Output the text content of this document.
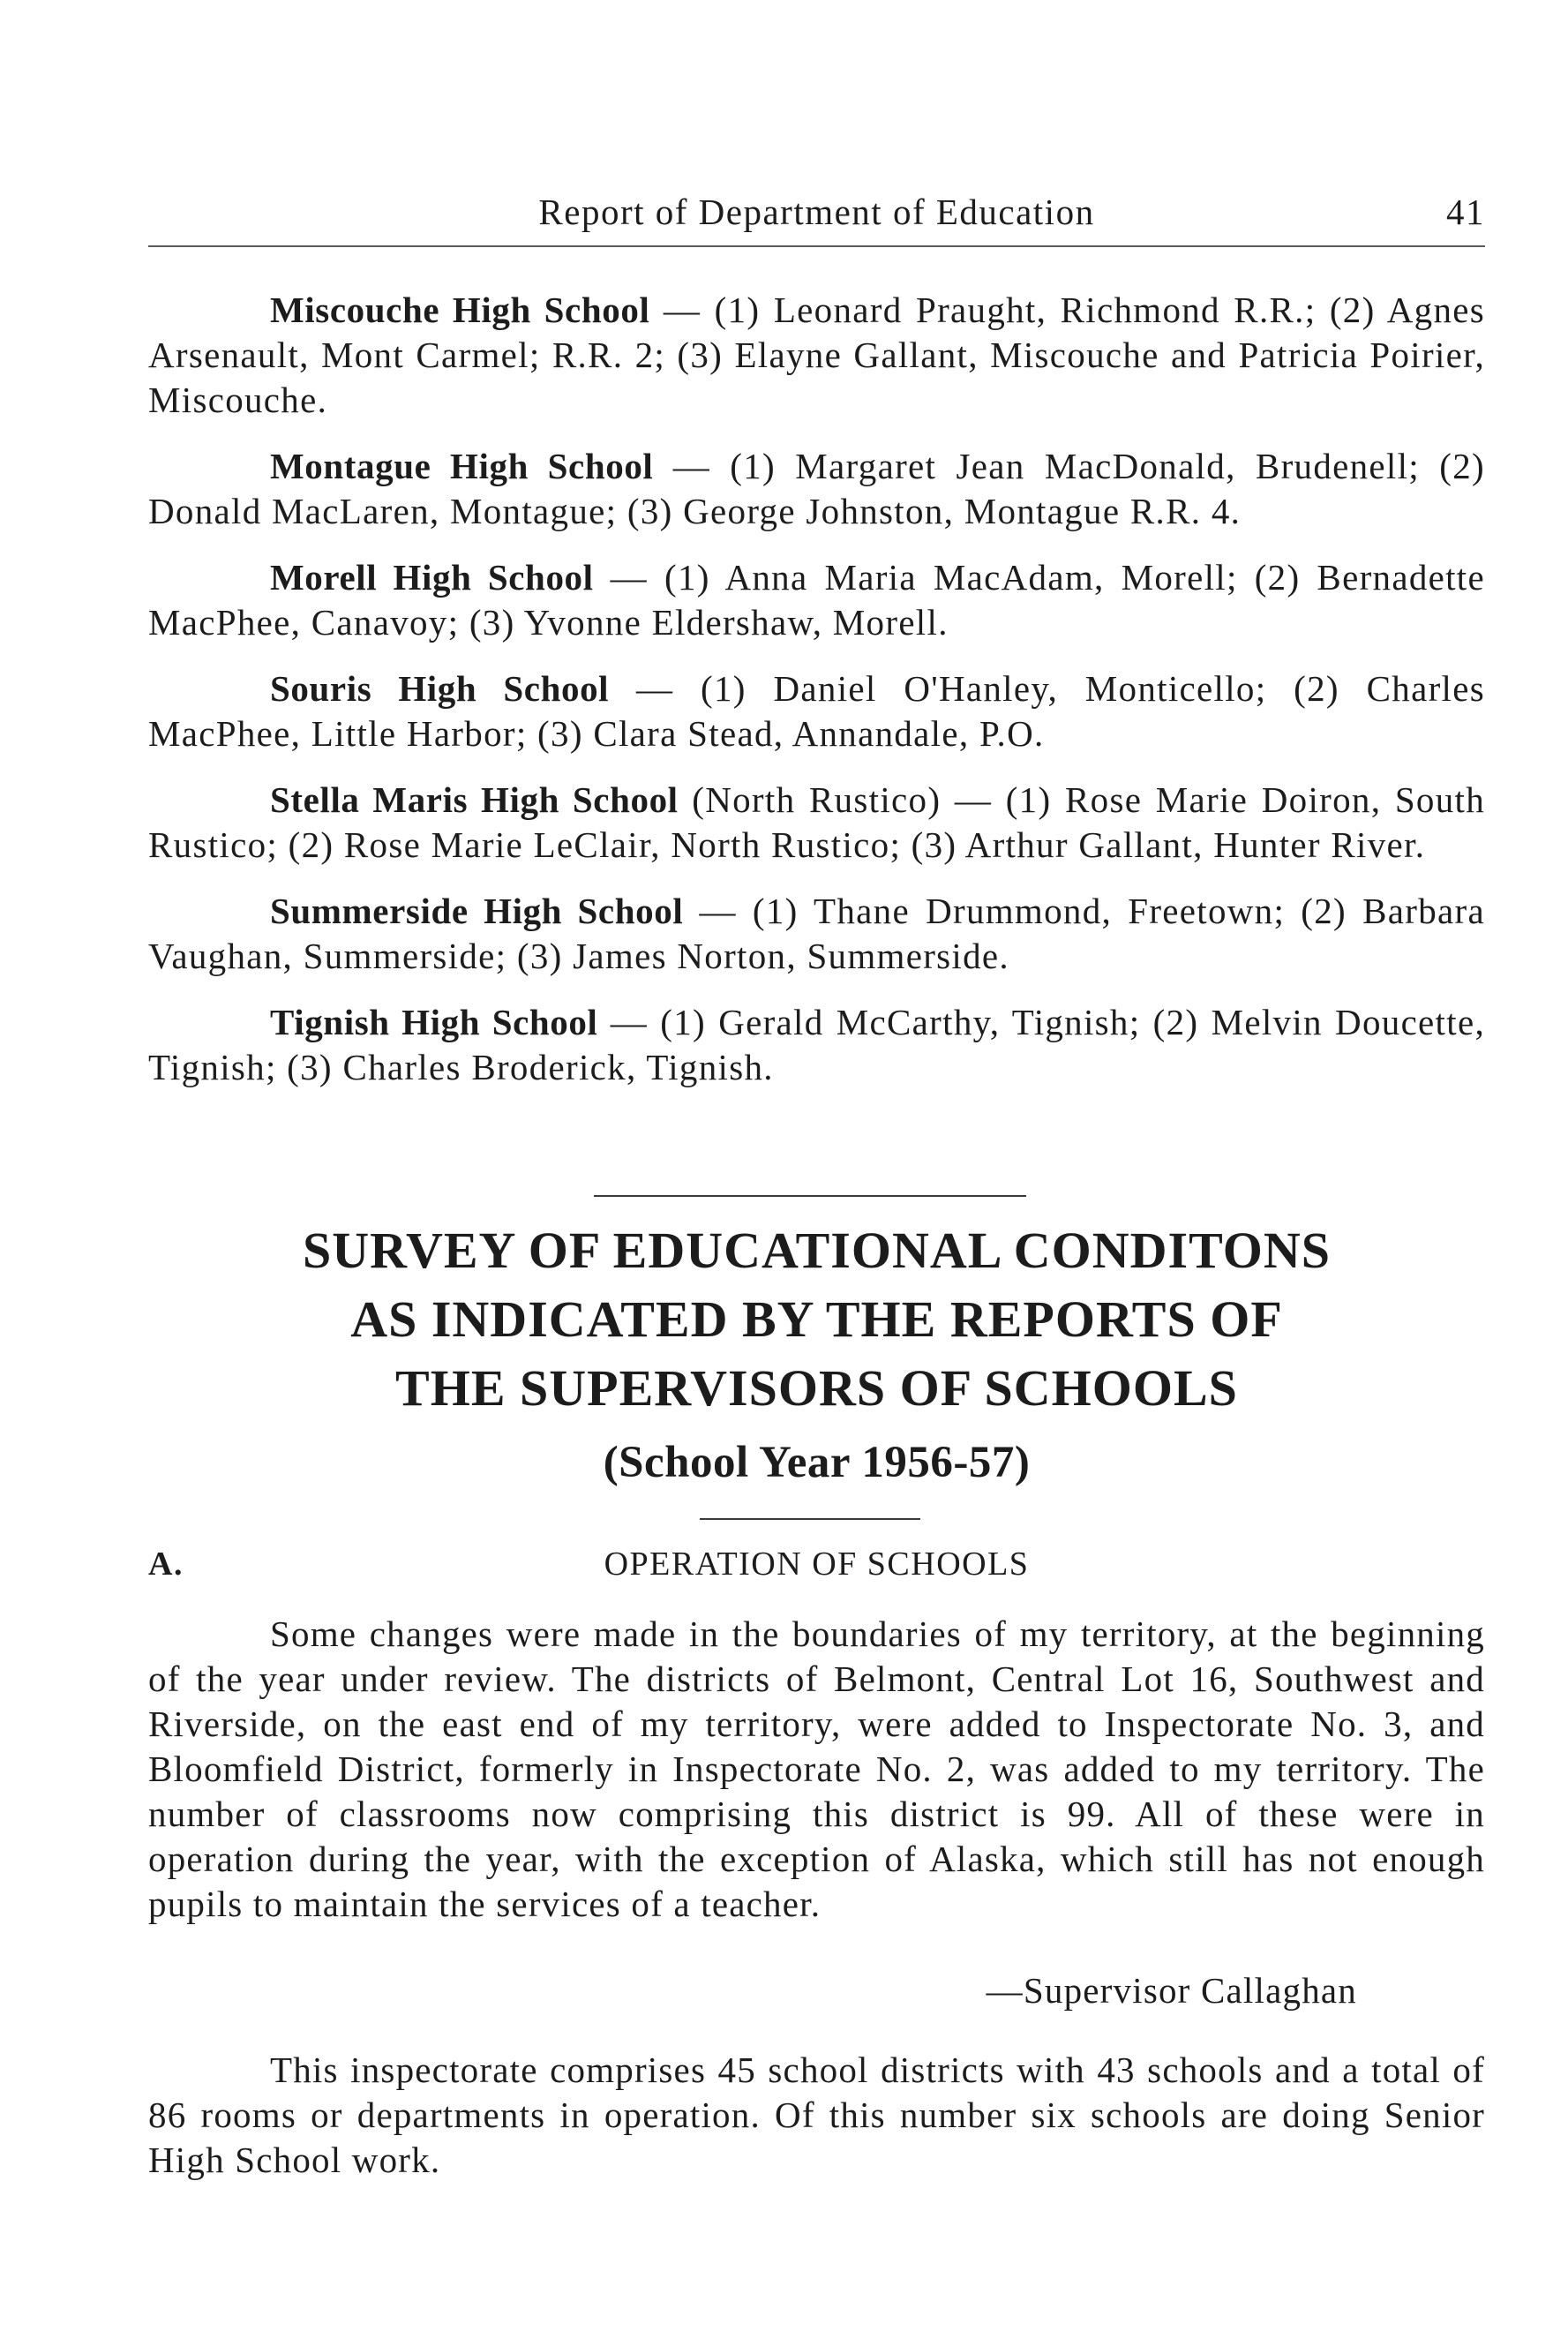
Report of Department of Education	41

Miscouche High School — (1) Leonard Praught, Richmond R.R.; (2) Agnes Arsenault, Mont Carmel; R.R. 2; (3) Elayne Gallant, Miscouche and Patricia Poirier, Miscouche.

Montague High School — (1) Margaret Jean MacDonald, Brudenell; (2) Donald MacLaren, Montague; (3) George Johnston, Montague R.R. 4.

Morell High School — (1) Anna Maria MacAdam, Morell; (2) Bernadette MacPhee, Canavoy; (3) Yvonne Eldershaw, Morell.

Souris High School — (1) Daniel O'Hanley, Monticello; (2) Charles MacPhee, Little Harbor; (3) Clara Stead, Annandale, P.O.

Stella Maris High School (North Rustico) — (1) Rose Marie Doiron, South Rustico; (2) Rose Marie LeClair, North Rustico; (3) Arthur Gallant, Hunter River.

Summerside High School — (1) Thane Drummond, Freetown; (2) Barbara Vaughan, Summerside; (3) James Norton, Summerside.

Tignish High School — (1) Gerald McCarthy, Tignish; (2) Melvin Doucette, Tignish; (3) Charles Broderick, Tignish.

SURVEY OF EDUCATIONAL CONDITONS
AS INDICATED BY THE REPORTS OF
THE SUPERVISORS OF SCHOOLS
(School Year 1956-57)
OPERATION OF SCHOOLS
A.

Some changes were made in the boundaries of my territory, at the beginning of the year under review. The districts of Belmont, Central Lot 16, Southwest and Riverside, on the east end of my territory, were added to Inspectorate No. 3, and Bloomfield District, formerly in Inspectorate No. 2, was added to my territory. The number of classrooms now comprising this district is 99. All of these were in operation during the year, with the exception of Alaska, which still has not enough pupils to maintain the services of a teacher.

—Supervisor Callaghan

This inspectorate comprises 45 school districts with 43 schools and a total of 86 rooms or departments in operation. Of this number six schools are doing Senior High School work.
